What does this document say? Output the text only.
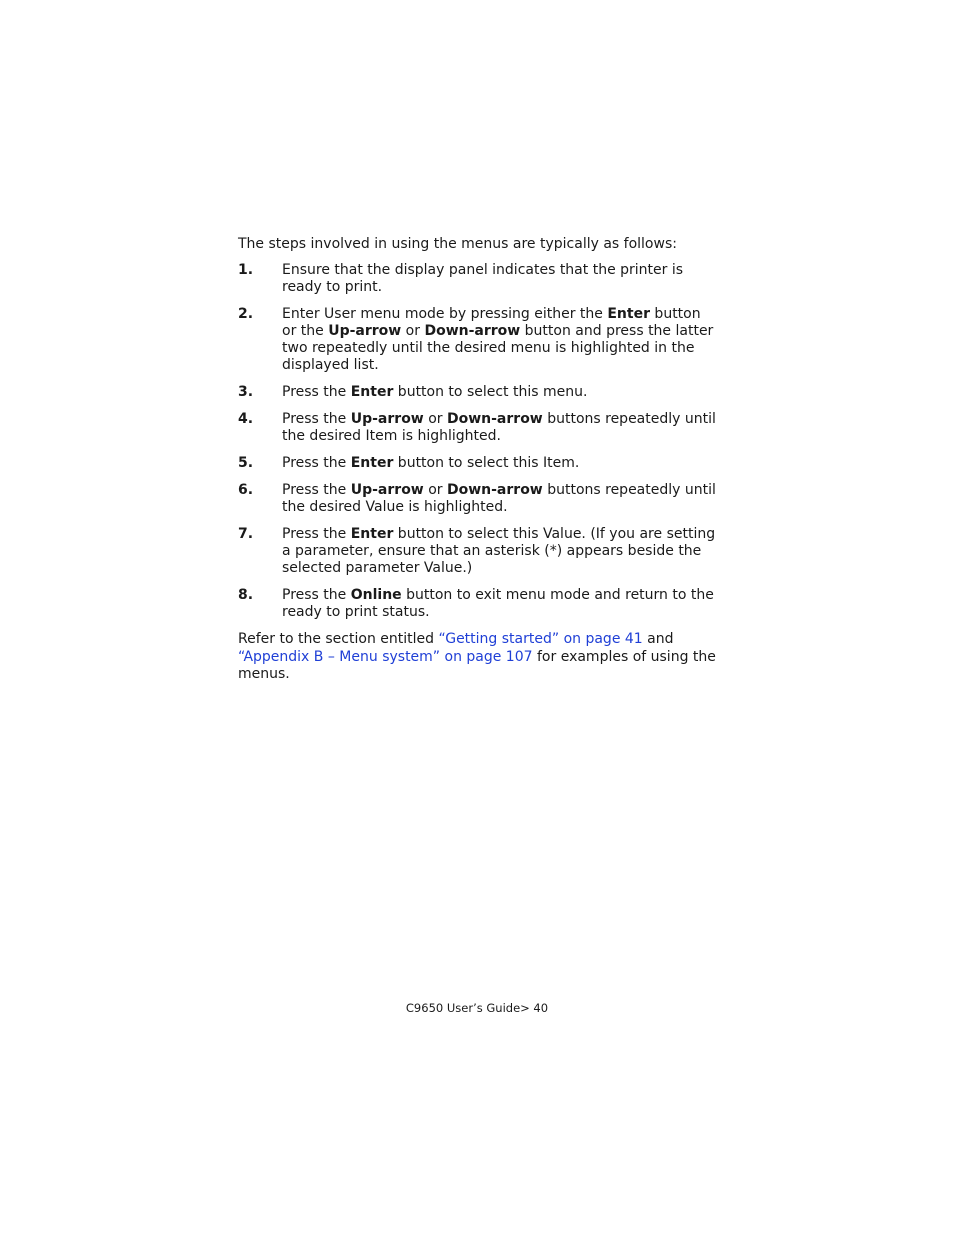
The steps involved in using the menus are typically as follows:

1.	Ensure that the display panel indicates that the printer is ready to print.
2.	Enter User menu mode by pressing either the Enter button or the Up-arrow or Down-arrow button and press the latter two repeatedly until the desired menu is highlighted in the displayed list.
3.	Press the Enter button to select this menu.
4.	Press the Up-arrow or Down-arrow buttons repeatedly until the desired Item is highlighted.
5.	Press the Enter button to select this Item.
6.	Press the Up-arrow or Down-arrow buttons repeatedly until the desired Value is highlighted.
7.	Press the Enter button to select this Value. (If you are setting a parameter, ensure that an asterisk (*) appears beside the selected parameter Value.)
8.	Press the Online button to exit menu mode and return to the ready to print status.

Refer to the section entitled “Getting started” on page 41 and “Appendix B – Menu system” on page 107 for examples of using the menus.

C9650 User’s Guide> 40
